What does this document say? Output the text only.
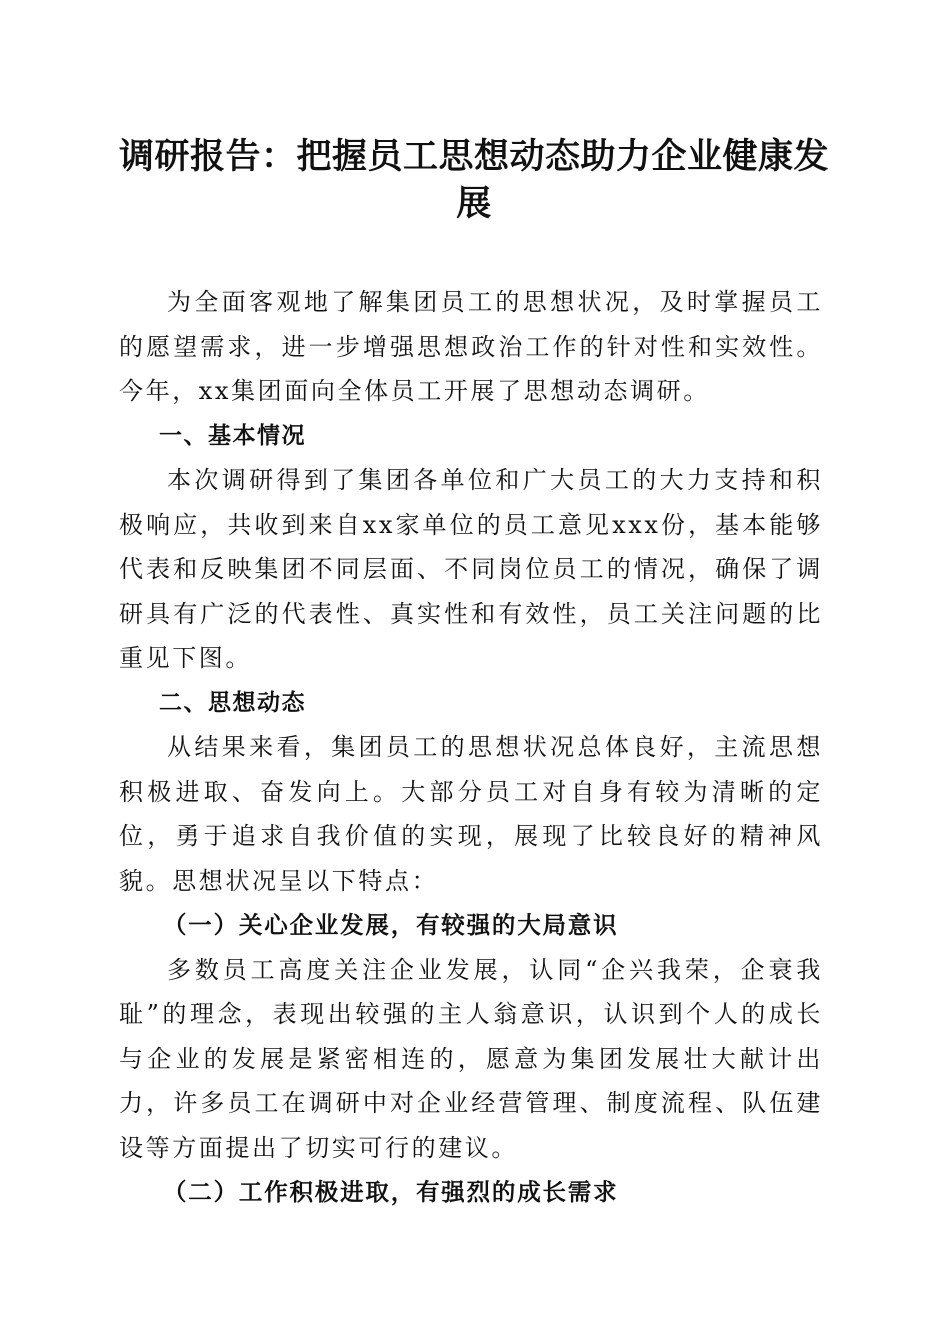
调研报告：把握员工思想动态助力企业健康发展

为全面客观地了解集团员工的思想状况，及时掌握员工的愿望需求，进一步增强思想政治工作的针对性和实效性。今年，xx集团面向全体员工开展了思想动态调研。

一、基本情况

本次调研得到了集团各单位和广大员工的大力支持和积极响应，共收到来自xx家单位的员工意见xxx份，基本能够代表和反映集团不同层面、不同岗位员工的情况，确保了调研具有广泛的代表性、真实性和有效性，员工关注问题的比重见下图。

二、思想动态

从结果来看，集团员工的思想状况总体良好，主流思想积极进取、奋发向上。大部分员工对自身有较为清晰的定位，勇于追求自我价值的实现，展现了比较良好的精神风貌。思想状况呈以下特点：

（一）关心企业发展，有较强的大局意识

多数员工高度关注企业发展，认同“企兴我荣，企衰我耻”的理念，表现出较强的主人翁意识，认识到个人的成长与企业的发展是紧密相连的，愿意为集团发展壮大献计出力，许多员工在调研中对企业经营管理、制度流程、队伍建设等方面提出了切实可行的建议。

（二）工作积极进取，有强烈的成长需求
